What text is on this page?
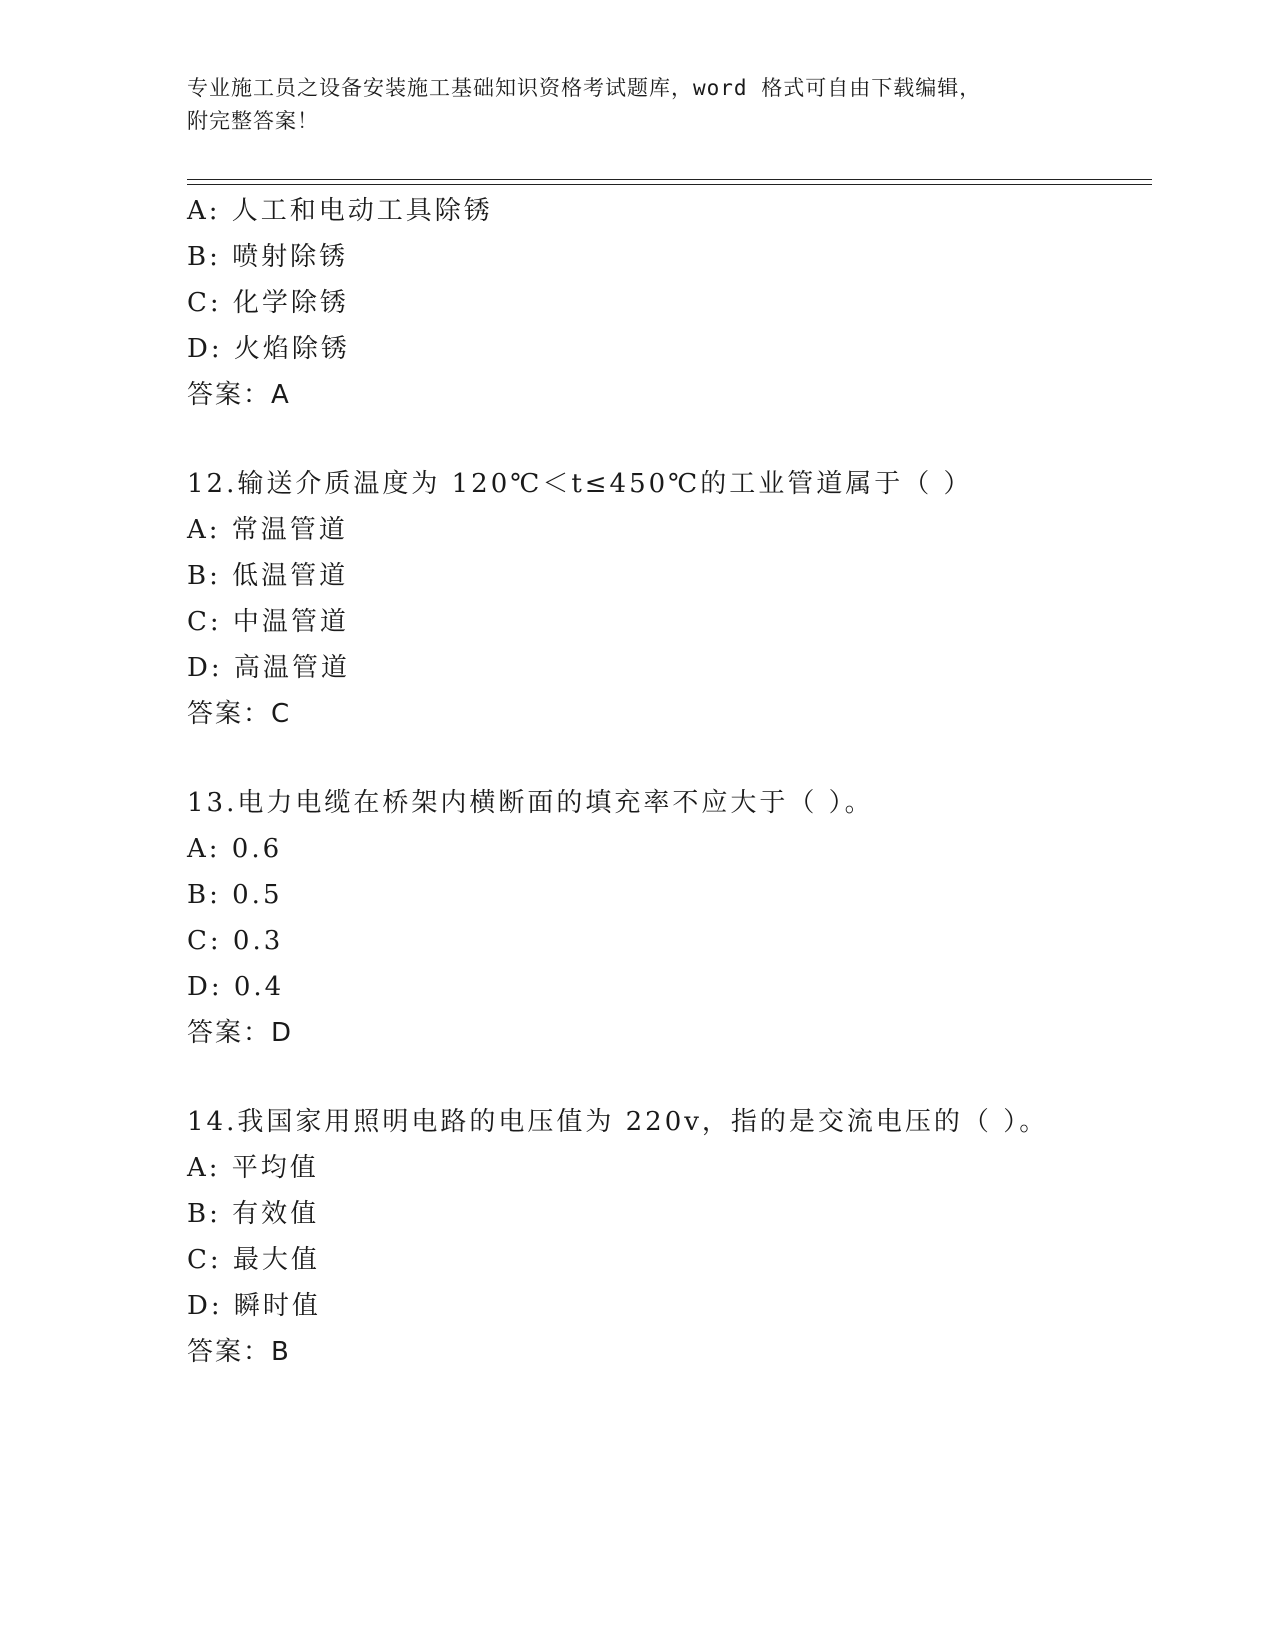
专业施工员之设备安装施工基础知识资格考试题库，word 格式可自由下载编辑，
附完整答案！
A: 人工和电动工具除锈
B: 喷射除锈
C: 化学除锈
D: 火焰除锈
答案：A
12.输送介质温度为 120℃＜t≤450℃的工业管道属于（ ）
A: 常温管道
B: 低温管道
C: 中温管道
D: 高温管道
答案：C
13.电力电缆在桥架内横断面的填充率不应大于（ ）。
A: 0.6
B: 0.5
C: 0.3
D: 0.4
答案：D
14.我国家用照明电路的电压值为 220v，指的是交流电压的（ ）。
A: 平均值
B: 有效值
C: 最大值
D: 瞬时值
答案：B
